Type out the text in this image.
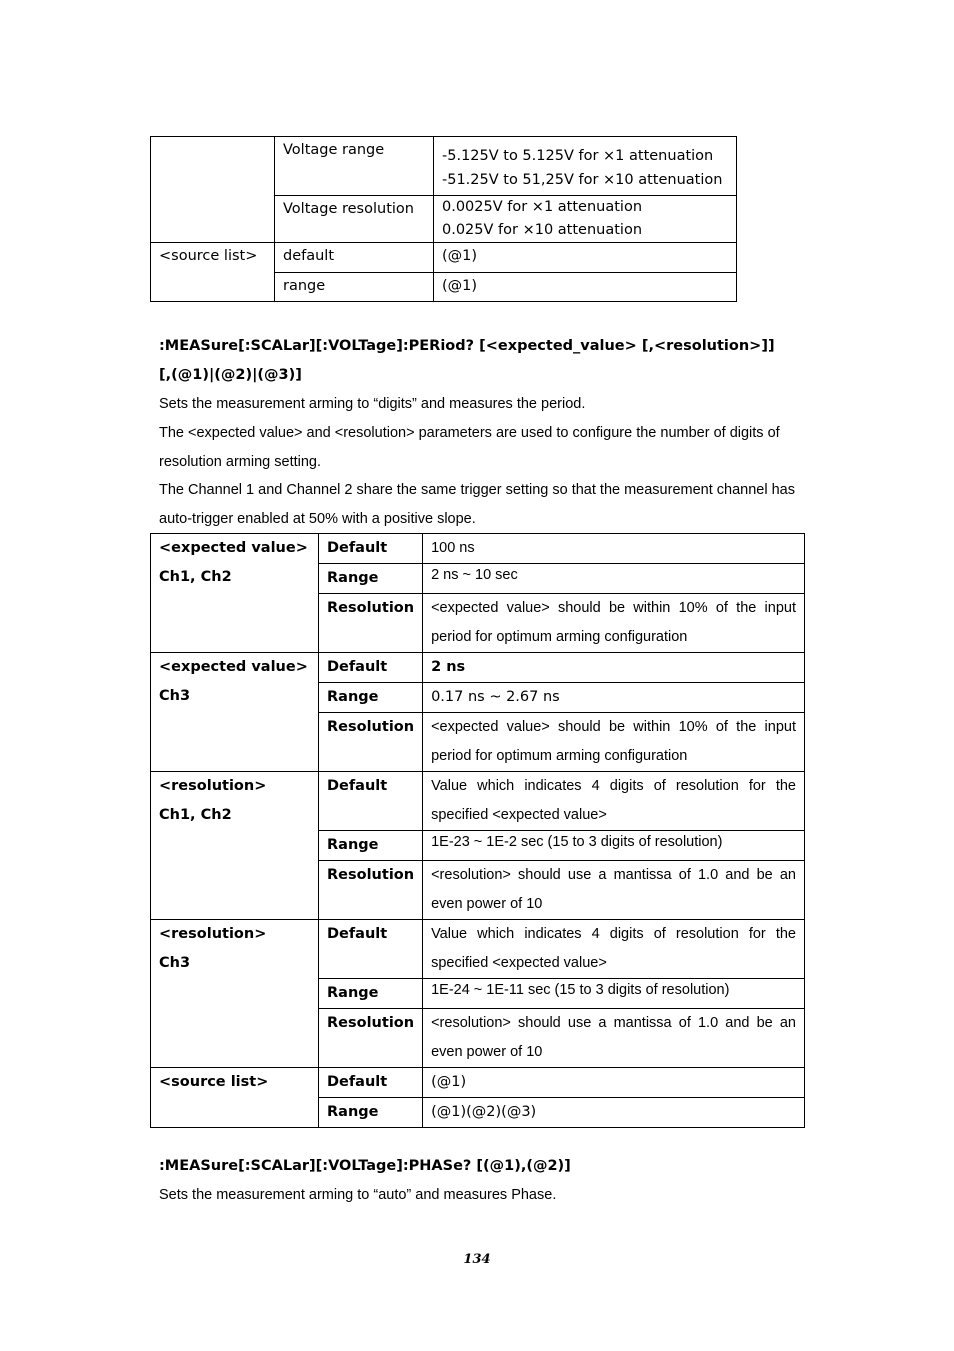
	Voltage range	-5.125V to 5.125V for ×1 attenuation
-51.25V to 51,25V for ×10 attenuation

	Voltage resolution	0.0025V for ×1 attenuation
0.025V for ×10 attenuation

<source list>	default	(@1)
	range	(@1)
:MEASure[:SCALar][:VOLTage]:PERiod? [<expected_value> [,<resolution>]]
[,(@1)|(@2)|(@3)]
Sets the measurement arming to “digits” and measures the period.
The <expected value> and <resolution> parameters are used to configure the number of digits of resolution arming setting.
The Channel 1 and Channel 2 share the same trigger setting so that the measurement channel has auto-trigger enabled at 50% with a positive slope.
<expected value>
Ch1, Ch2	Default	100 ns
	Range	2 ns ~ 10 sec
	Resolution	<expected value> should be within 10% of the input period for optimum arming configuration

<expected value>
Ch3	Default	2 ns
	Range	0.17 ns ~ 2.67 ns
	Resolution	<expected value> should be within 10% of the input period for optimum arming configuration

<resolution>
Ch1, Ch2	Default	Value which indicates 4 digits of resolution for the specified <expected value>
	Range	1E-23 ~ 1E-2 sec (15 to 3 digits of resolution)
	Resolution	<resolution> should use a mantissa of 1.0 and be an even power of 10

<resolution>
Ch3	Default	Value which indicates 4 digits of resolution for the specified <expected value>
	Range	1E-24 ~ 1E-11 sec (15 to 3 digits of resolution)
	Resolution	<resolution> should use a mantissa of 1.0 and be an even power of 10

<source list>	Default	(@1)
	Range	(@1)(@2)(@3)
:MEASure[:SCALar][:VOLTage]:PHASe? [(@1),(@2)]
Sets the measurement arming to “auto” and measures Phase.
134
